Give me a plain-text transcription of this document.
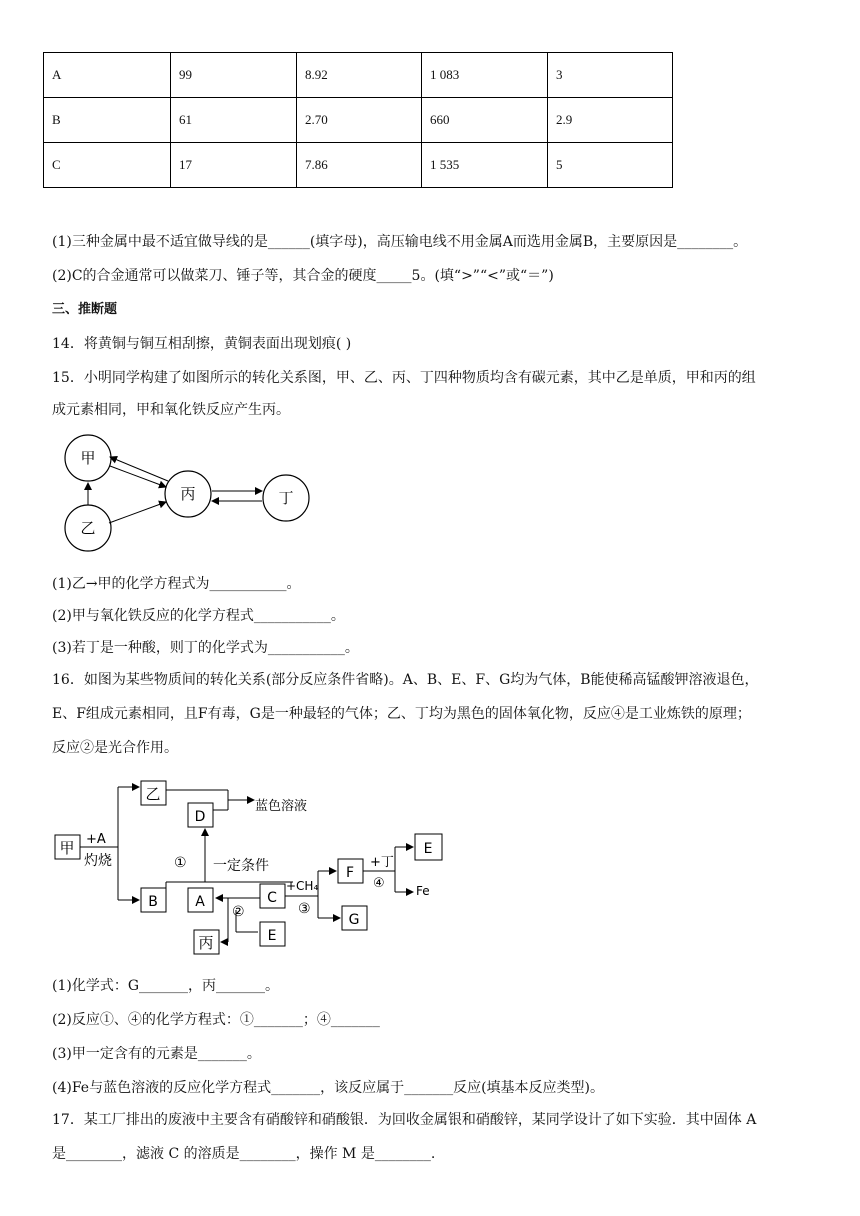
A	99	8.92	1 083	3
B	61	2.70	660	2.9
C	17	7.86	1 535	5
(1)三种金属中最不适宜做导线的是______(填字母)，高压输电线不用金属A而选用金属B，主要原因是________。
(2)C的合金通常可以做菜刀、锤子等，其合金的硬度_____5。(填“>”“<”或“＝”)
三、推断题
14．将黄铜与铜互相刮擦，黄铜表面出现划痕( )
15．小明同学构建了如图所示的转化关系图，甲、乙、丙、丁四种物质均含有碳元素，其中乙是单质，甲和丙的组
成元素相同，甲和氧化铁反应产生丙。
甲
乙
丙	丁
(1)乙→甲的化学方程式为___________。
(2)甲与氧化铁反应的化学方程式___________。
(3)若丁是一种酸，则丁的化学式为___________。
16．如图为某些物质间的转化关系(部分反应条件省略)。A、B、E、F、G均为气体，B能使稀高锰酸钾溶液退色，
E、F组成元素相同，且F有毒，G是一种最轻的气体；乙、丁均为黑色的固体氧化物，反应④是工业炼铁的原理；
反应②是光合作用。
甲
乙
D
B	A	C
E
丙
F
E
G
+A
灼烧
蓝色溶液
① 一定条件
+CH₄
③
+丁
④	Fe
②
(1)化学式：G_______，丙_______。
(2)反应①、④的化学方程式：①_______；④_______
(3)甲一定含有的元素是_______。
(4)Fe与蓝色溶液的反应化学方程式_______，该反应属于_______反应(填基本反应类型)。
17．某工厂排出的废液中主要含有硝酸锌和硝酸银．为回收金属银和硝酸锌，某同学设计了如下实验．其中固体 A
是________，滤液 C 的溶质是________，操作 M 是________.
